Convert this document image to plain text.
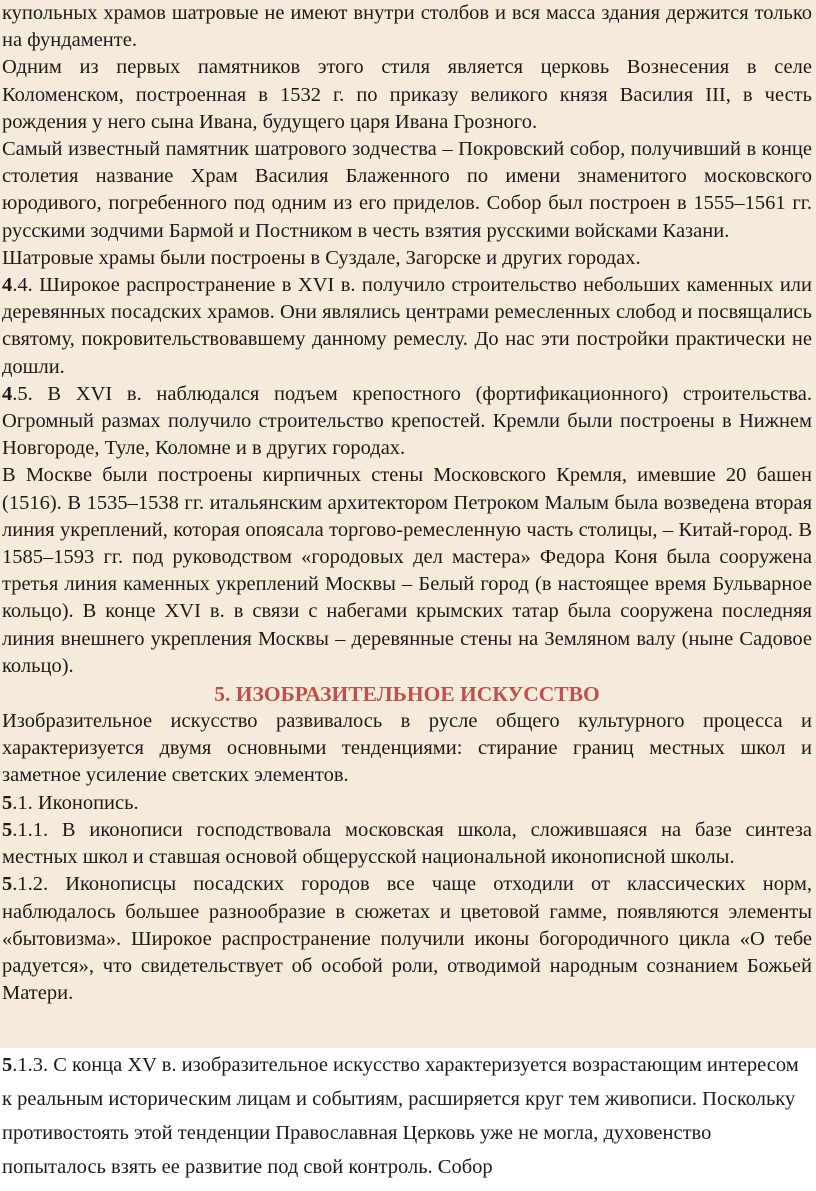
купольных храмов шатровые не имеют внутри столбов и вся масса здания держится только на фундаменте.

Одним из первых памятников этого стиля является церковь Вознесения в селе Коломенском, построенная в 1532 г. по приказу великого князя Василия III, в честь рождения у него сына Ивана, будущего царя Ивана Грозного.

Самый известный памятник шатрового зодчества – Покровский собор, получивший в конце столетия название Храм Василия Блаженного по имени знаменитого московского юродивого, погребенного под одним из его приделов. Собор был построен в 1555–1561 гг. русскими зодчими Бармой и Постником в честь взятия русскими войсками Казани.

Шатровые храмы были построены в Суздале, Загорске и других городах.

4.4. Широкое распространение в XVI в. получило строительство небольших каменных или деревянных посадских храмов. Они являлись центрами ремесленных слобод и посвящались святому, покровительствовавшему данному ремеслу. До нас эти постройки практически не дошли.

4.5. В XVI в. наблюдался подъем крепостного (фортификационного) строительства. Огромный размах получило строительство крепостей. Кремли были построены в Нижнем Новгороде, Туле, Коломне и в других городах.

В Москве были построены кирпичных стены Московского Кремля, имевшие 20 башен (1516). В 1535–1538 гг. итальянским архитектором Петроком Малым была возведена вторая линия укреплений, которая опоясала торгово-ремесленную часть столицы, – Китай-город. В 1585–1593 гг. под руководством «городовых дел мастера» Федора Коня была сооружена третья линия каменных укреплений Москвы – Белый город (в настоящее время Бульварное кольцо). В конце XVI в. в связи с набегами крымских татар была сооружена последняя линия внешнего укрепления Москвы – деревянные стены на Земляном валу (ныне Садовое кольцо).

5. ИЗОБРАЗИТЕЛЬНОЕ ИСКУССТВО

Изобразительное искусство развивалось в русле общего культурного процесса и характеризуется двумя основными тенденциями: стирание границ местных школ и заметное усиление светских элементов.

5.1. Иконопись.

5.1.1. В иконописи господствовала московская школа, сложившаяся на базе синтеза местных школ и ставшая основой общерусской национальной иконописной школы.

5.1.2. Иконописцы посадских городов все чаще отходили от классических норм, наблюдалось большее разнообразие в сюжетах и цветовой гамме, появляются элементы «бытовизма». Широкое распространение получили иконы богородичного цикла «О тебе радуется», что свидетельствует об особой роли, отводимой народным сознанием Божьей Матери.

5.1.3. С конца XV в. изобразительное искусство характеризуется возрастающим интересом к реальным историческим лицам и событиям, расширяется круг тем живописи. Поскольку противостоять этой тенденции Православная Церковь уже не могла, духовенство попыталось взять ее развитие под свой контроль. Собор
